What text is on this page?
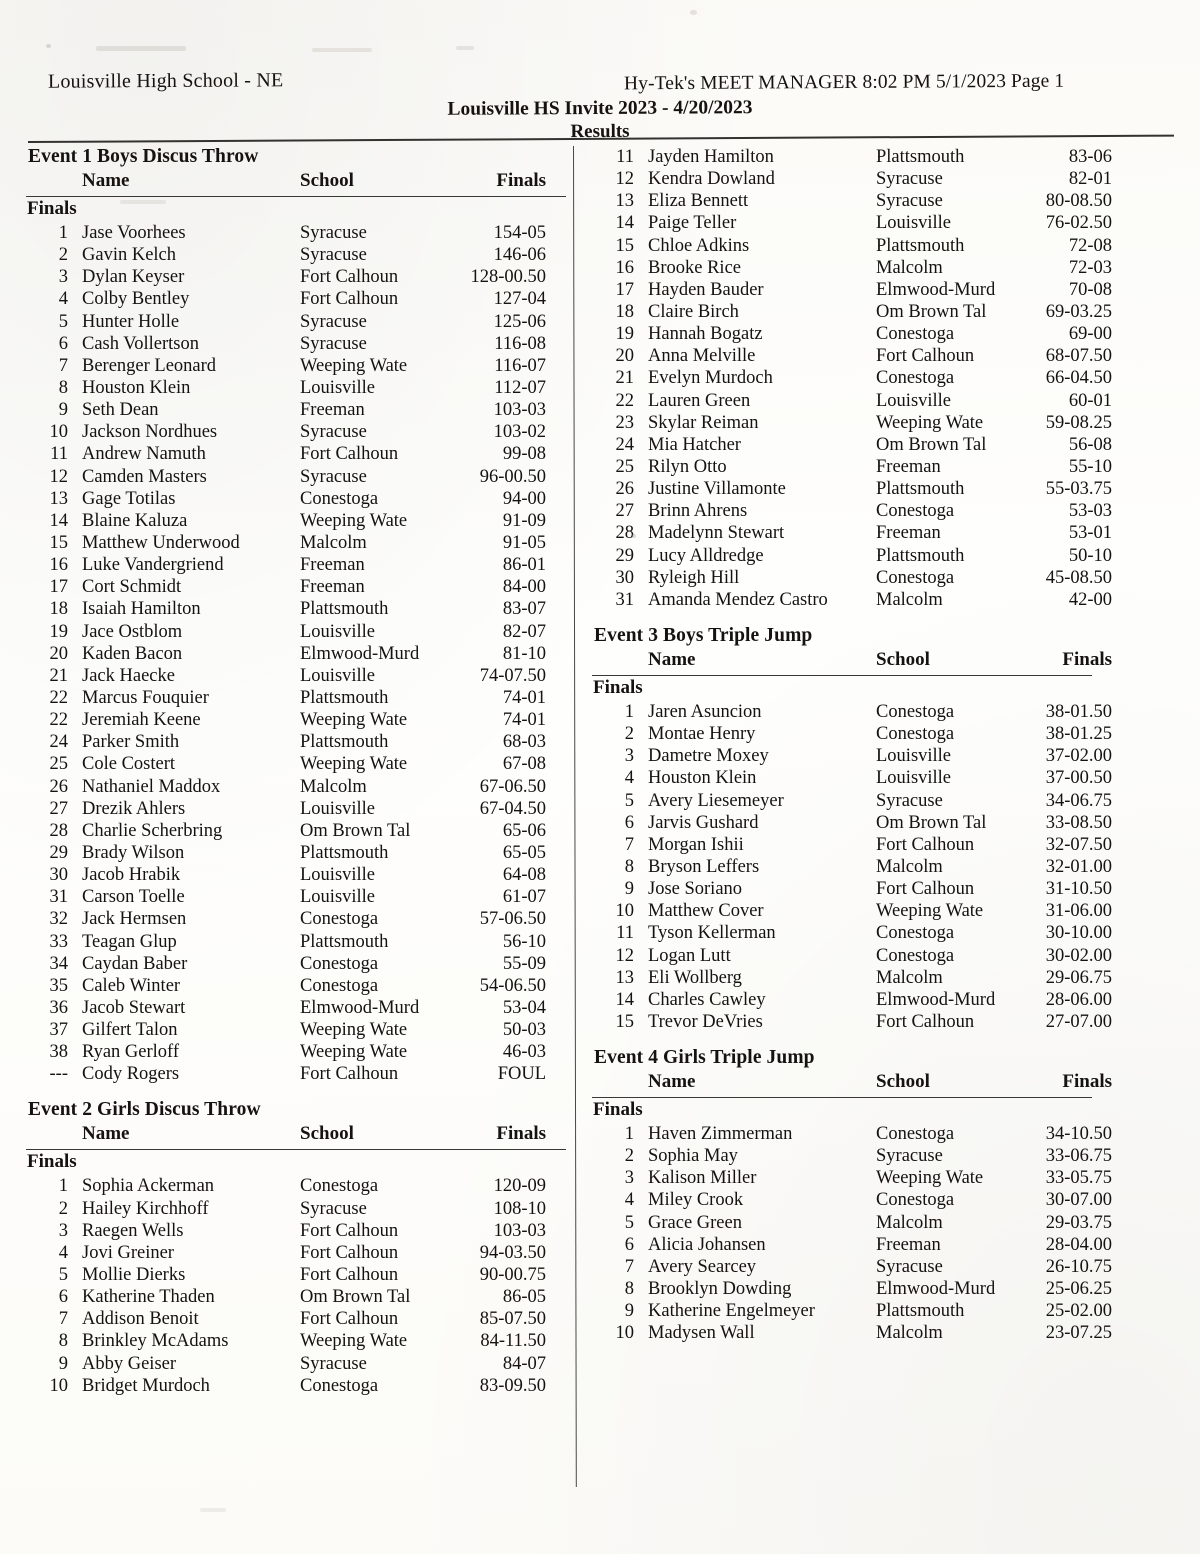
Louisville High School - NE	Hy-Tek's MEET MANAGER 8:02 PM 5/1/2023 Page 1
Louisville HS Invite 2023 - 4/20/2023
Results
Event 1 Boys Discus Throw
Name	School	Finals
Finals
1 Jase Voorhees	Syracuse	154-05
2 Gavin Kelch	Syracuse	146-06
3 Dylan Keyser	Fort Calhoun	128-00.50
4 Colby Bentley	Fort Calhoun	127-04
5 Hunter Holle	Syracuse	125-06
6 Cash Vollertson	Syracuse	116-08
7 Berenger Leonard	Weeping Wate	116-07
8 Houston Klein	Louisville	112-07
9 Seth Dean	Freeman	103-03
10 Jackson Nordhues	Syracuse	103-02
11 Andrew Namuth	Fort Calhoun	99-08
12 Camden Masters	Syracuse	96-00.50
13 Gage Totilas	Conestoga	94-00
14 Blaine Kaluza	Weeping Wate	91-09
15 Matthew Underwood	Malcolm	91-05
16 Luke Vandergriend	Freeman	86-01
17 Cort Schmidt	Freeman	84-00
18 Isaiah Hamilton	Plattsmouth	83-07
19 Jace Ostblom	Louisville	82-07
20 Kaden Bacon	Elmwood-Murd	81-10
21 Jack Haecke	Louisville	74-07.50
22 Marcus Fouquier	Plattsmouth	74-01
22 Jeremiah Keene	Weeping Wate	74-01
24 Parker Smith	Plattsmouth	68-03
25 Cole Costert	Weeping Wate	67-08
26 Nathaniel Maddox	Malcolm	67-06.50
27 Drezik Ahlers	Louisville	67-04.50
28 Charlie Scherbring	Om Brown Tal	65-06
29 Brady Wilson	Plattsmouth	65-05
30 Jacob Hrabik	Louisville	64-08
31 Carson Toelle	Louisville	61-07
32 Jack Hermsen	Conestoga	57-06.50
33 Teagan Glup	Plattsmouth	56-10
34 Caydan Baber	Conestoga	55-09
35 Caleb Winter	Conestoga	54-06.50
36 Jacob Stewart	Elmwood-Murd	53-04
37 Gilfert Talon	Weeping Wate	50-03
38 Ryan Gerloff	Weeping Wate	46-03
--- Cody Rogers	Fort Calhoun	FOUL
Event 2 Girls Discus Throw
Name	School	Finals
Finals
1 Sophia Ackerman	Conestoga	120-09
2 Hailey Kirchhoff	Syracuse	108-10
3 Raegen Wells	Fort Calhoun	103-03
4 Jovi Greiner	Fort Calhoun	94-03.50
5 Mollie Dierks	Fort Calhoun	90-00.75
6 Katherine Thaden	Om Brown Tal	86-05
7 Addison Benoit	Fort Calhoun	85-07.50
8 Brinkley McAdams	Weeping Wate	84-11.50
9 Abby Geiser	Syracuse	84-07
10 Bridget Murdoch	Conestoga	83-09.50
11 Jayden Hamilton	Plattsmouth	83-06
12 Kendra Dowland	Syracuse	82-01
13 Eliza Bennett	Syracuse	80-08.50
14 Paige Teller	Louisville	76-02.50
15 Chloe Adkins	Plattsmouth	72-08
16 Brooke Rice	Malcolm	72-03
17 Hayden Bauder	Elmwood-Murd	70-08
18 Claire Birch	Om Brown Tal	69-03.25
19 Hannah Bogatz	Conestoga	69-00
20 Anna Melville	Fort Calhoun	68-07.50
21 Evelyn Murdoch	Conestoga	66-04.50
22 Lauren Green	Louisville	60-01
23 Skylar Reiman	Weeping Wate	59-08.25
24 Mia Hatcher	Om Brown Tal	56-08
25 Rilyn Otto	Freeman	55-10
26 Justine Villamonte	Plattsmouth	55-03.75
27 Brinn Ahrens	Conestoga	53-03
28 Madelynn Stewart	Freeman	53-01
29 Lucy Alldredge	Plattsmouth	50-10
30 Ryleigh Hill	Conestoga	45-08.50
31 Amanda Mendez Castro	Malcolm	42-00
Event 3 Boys Triple Jump
Name	School	Finals
Finals
1 Jaren Asuncion	Conestoga	38-01.50
2 Montae Henry	Conestoga	38-01.25
3 Dametre Moxey	Louisville	37-02.00
4 Houston Klein	Louisville	37-00.50
5 Avery Liesemeyer	Syracuse	34-06.75
6 Jarvis Gushard	Om Brown Tal	33-08.50
7 Morgan Ishii	Fort Calhoun	32-07.50
8 Bryson Leffers	Malcolm	32-01.00
9 Jose Soriano	Fort Calhoun	31-10.50
10 Matthew Cover	Weeping Wate	31-06.00
11 Tyson Kellerman	Conestoga	30-10.00
12 Logan Lutt	Conestoga	30-02.00
13 Eli Wollberg	Malcolm	29-06.75
14 Charles Cawley	Elmwood-Murd	28-06.00
15 Trevor DeVries	Fort Calhoun	27-07.00
Event 4 Girls Triple Jump
Name	School	Finals
Finals
1 Haven Zimmerman	Conestoga	34-10.50
2 Sophia May	Syracuse	33-06.75
3 Kalison Miller	Weeping Wate	33-05.75
4 Miley Crook	Conestoga	30-07.00
5 Grace Green	Malcolm	29-03.75
6 Alicia Johansen	Freeman	28-04.00
7 Avery Searcey	Syracuse	26-10.75
8 Brooklyn Dowding	Elmwood-Murd	25-06.25
9 Katherine Engelmeyer	Plattsmouth	25-02.00
10 Madysen Wall	Malcolm	23-07.25
